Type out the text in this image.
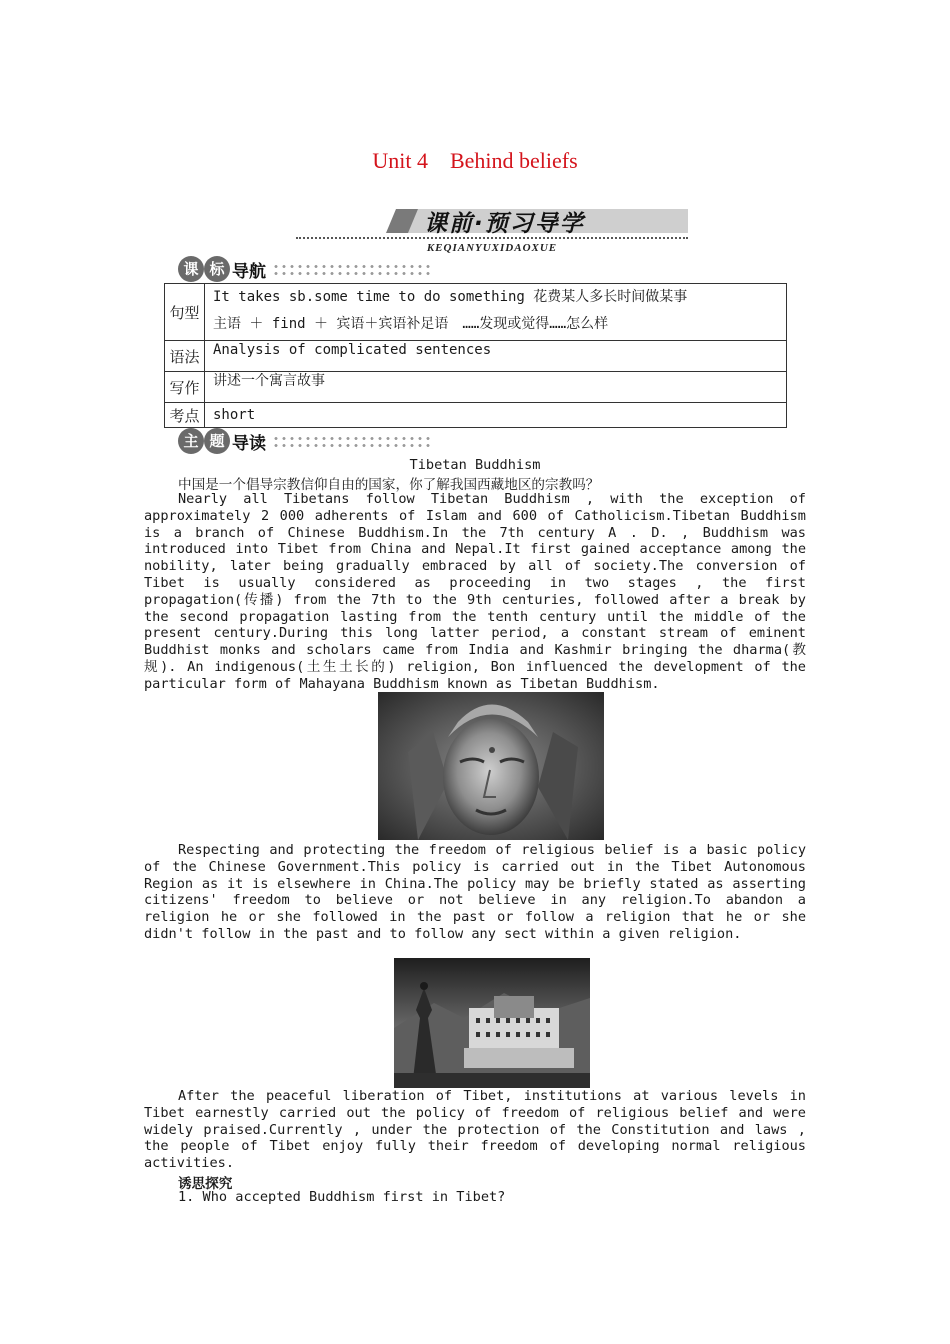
Unit 4　Behind beliefs
课前·预习导学
KEQIANYUXIDAOXUE
课 标 导航
句型	It takes sb.some time to do something 花费某人多长时间做某事
主语 ＋ find ＋ 宾语＋宾语补足语　……发现或觉得……怎么样

语法	Analysis of complicated sentences

写作	讲述一个寓言故事

考点	short
主 题 导读
Tibetan Buddhism
中国是一个倡导宗教信仰自由的国家，你了解我国西藏地区的宗教吗？

Nearly all Tibetans follow Tibetan Buddhism , with the exception of approximately 2 000 adherents of Islam and 600 of Catholicism.Tibetan Buddhism is a branch of Chinese Buddhism.In the 7th century A . D. , Buddhism was introduced into Tibet from China and Nepal.It first gained acceptance among the nobility, later being gradually embraced by all of society.The conversion of Tibet is usually considered as proceeding in two stages , the first propagation(传播) from the 7th to the 9th centuries, followed after a break by the second propagation lasting from the tenth century until the middle of the present century.During this long latter period, a constant stream of eminent Buddhist monks and scholars came from India and Kashmir bringing the dharma(教规). An indigenous(土生土长的) religion, Bon influenced the development of the particular form of Mahayana Buddhism known as Tibetan Buddhism.

Respecting and protecting the freedom of religious belief is a basic policy of the Chinese Government.This policy is carried out in the Tibet Autonomous Region as it is elsewhere in China.The policy may be briefly stated as asserting citizens' freedom to believe or not believe in any religion.To abandon a religion he or she followed in the past or follow a religion that he or she didn't follow in the past and to follow any sect within a given religion.

After the peaceful liberation of Tibet, institutions at various levels in Tibet earnestly carried out the policy of freedom of religious belief and were widely praised.Currently , under the protection of the Constitution and laws , the people of Tibet enjoy fully their freedom of developing normal religious activities.

诱思探究
1. Who accepted Buddhism first in Tibet?
